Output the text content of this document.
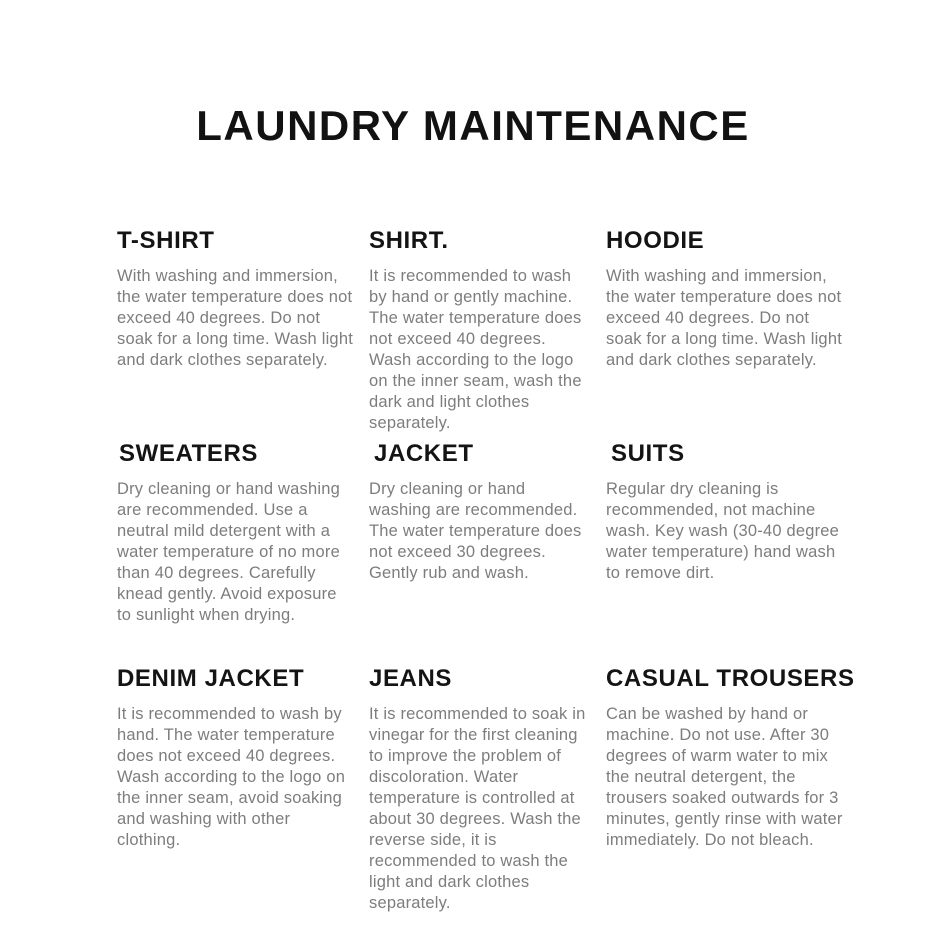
LAUNDRY MAINTENANCE
T-SHIRT

With washing and immersion, the water temperature does not exceed 40 degrees. Do not soak for a long time. Wash light and dark clothes separately.

SHIRT.

It is recommended to wash by hand or gently machine. The water temperature does not exceed 40 degrees. Wash according to the logo on the inner seam, wash the dark and light clothes separately.

HOODIE

With washing and immersion, the water temperature does not exceed 40 degrees. Do not soak for a long time. Wash light and dark clothes separately.

SWEATERS

Dry cleaning or hand washing are recommended. Use a neutral mild detergent with a water temperature of no more than 40 degrees. Carefully knead gently. Avoid exposure to sunlight when drying.

JACKET

Dry cleaning or hand washing are recommended. The water temperature does not exceed 30 degrees. Gently rub and wash.

SUITS

Regular dry cleaning is recommended, not machine wash. Key wash (30-40 degree water temperature) hand wash to remove dirt.

DENIM JACKET

It is recommended to wash by hand. The water temperature does not exceed 40 degrees. Wash according to the logo on the inner seam, avoid soaking and washing with other clothing.

JEANS

It is recommended to soak in vinegar for the first cleaning to improve the problem of discoloration. Water temperature is controlled at about 30 degrees. Wash the reverse side, it is recommended to wash the light and dark clothes separately.

CASUAL TROUSERS

Can be washed by hand or machine. Do not use. After 30 degrees of warm water to mix the neutral detergent, the trousers soaked outwards for 3 minutes, gently rinse with water immediately. Do not bleach.
